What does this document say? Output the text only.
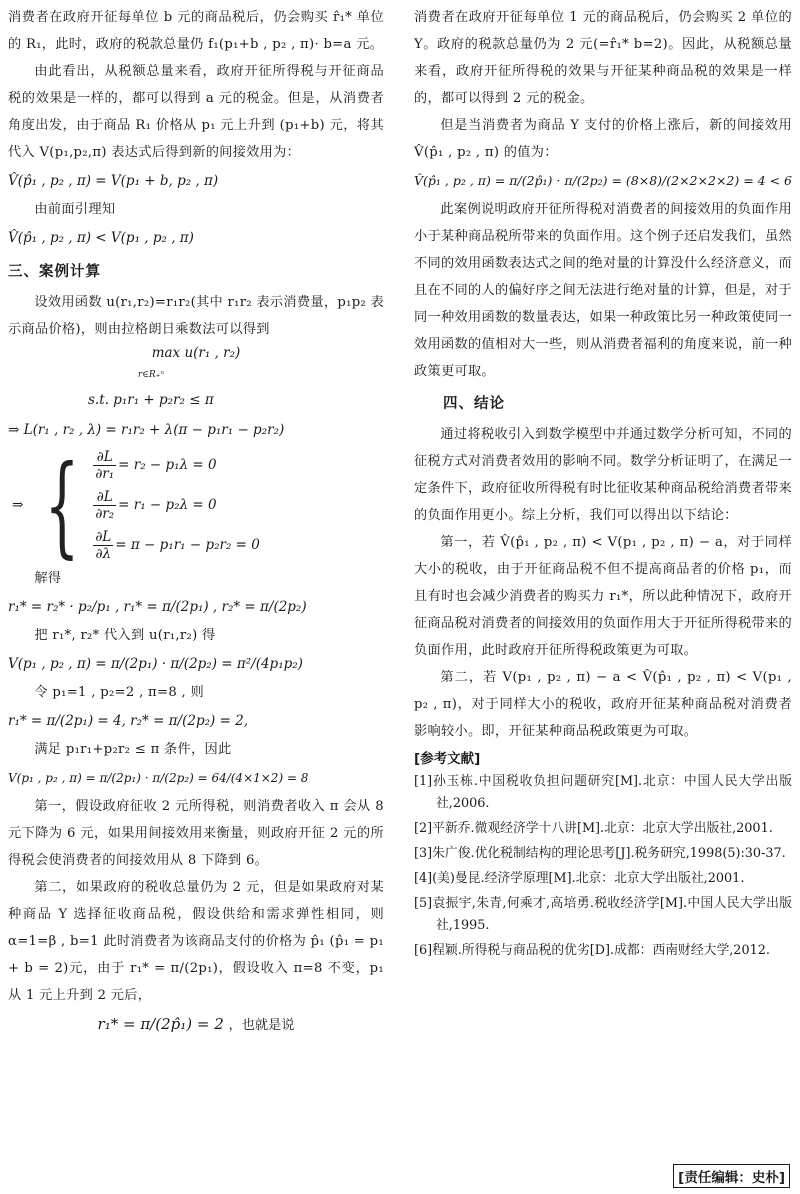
消费者在政府开征每单位 b 元的商品税后，仍会购买 r̂₁* 单位的 R₁，此时，政府的税款总量仍 f₁(p₁+b , p₂ , π)· b=a 元。

由此看出，从税额总量来看，政府开征所得税与开征商品税的效果是一样的，都可以得到 a 元的税金。但是，从消费者角度出发，由于商品 R₁ 价格从 p₁ 元上升到 (p₁+b) 元，将其代入 V(p₁,p₂,π) 表达式后得到新的间接效用为：

V̂(p̂₁ , p₂ , π) = V(p₁ + b, p₂ , π)

由前面引理知

V̂(p̂₁ , p₂ , π) < V(p₁ , p₂ , π)
三、案例计算

设效用函数 u(r₁,r₂)=r₁r₂(其中 r₁r₂ 表示消费量，p₁p₂ 表示商品价格)，则由拉格朗日乘数法可以得到

max u(r₁ , r₂)
r∈R₊ⁿ
s.t. p₁r₁ + p₂r₂ ≤ π
⇒ L(r₁ , r₂ , λ) = r₁r₂ + λ(π − p₁r₁ − p₂r₂)
⇒ { $\frac{\partial L}{\text{∂r₁}} = r_2 - p_1\lambda = 0$
$\frac{\partial L}{\text{∂r₂}} = r_1 - p_2\lambda = 0$
$\frac{\partial L}{\partial\lambda} = \pi - p_1r_1 - p_2r_2 = 0$

解得

r₁* = r₂* · p₂/p₁ , r₁* = π/(2p₁) , r₂* = π/(2p₂)

把 r₁*, r₂* 代入到 u(r₁,r₂) 得

V(p₁ , p₂ , π) = π/(2p₁) · π/(2p₂) = π²/(4p₁p₂)

令 p₁=1 , p₂=2 , π=8 , 则

r₁* = π/(2p₁) = 4, r₂* = π/(2p₂) = 2,

满足 p₁r₁+p₂r₂ ≤ π 条件，因此

V(p₁ , p₂ , π) = π/(2p₁) · π/(2p₂) = 64/(4×1×2) = 8

第一，假设政府征收 2 元所得税，则消费者收入 π 会从 8 元下降为 6 元，如果用间接效用来衡量，则政府开征 2 元的所得税会使消费者的间接效用从 8 下降到 6。

第二，如果政府的税收总量仍为 2 元，但是如果政府对某种商品 Y 选择征收商品税，假设供给和需求弹性相同，则 α=1=β , b=1 此时消费者为该商品支付的价格为 p̂₁ (p̂₁ = p₁ + b = 2)元，由于 r₁* = π/(2p₁)，假设收入 π=8 不变，p₁ 从 1 元上升到 2 元后，

r₁* = π/(2p̂₁) = 2 ，也就是说

消费者在政府开征每单位 1 元的商品税后，仍会购买 2 单位的 Y。政府的税款总量仍为 2 元(=r̂₁* b=2)。因此，从税额总量来看，政府开征所得税的效果与开征某种商品税的效果是一样的，都可以得到 2 元的税金。

但是当消费者为商品 Y 支付的价格上涨后，新的间接效用 V̂(p̂₁ , p₂ , π) 的值为：

V̂(p̂₁ , p₂ , π) = π/(2p̂₁) · π/(2p₂) = (8×8)/(2×2×2×2) = 4 < 6

此案例说明政府开征所得税对消费者的间接效用的负面作用小于某种商品税所带来的负面作用。这个例子还启发我们，虽然不同的效用函数表达式之间的绝对量的计算没什么经济意义，而且在不同的人的偏好序之间无法进行绝对量的计算，但是，对于同一种效用函数的数量表达，如果一种政策比另一种政策使同一效用函数的值相对大一些，则从消费者福利的角度来说，前一种政策更可取。

四、结论

通过将税收引入到数学模型中并通过数学分析可知，不同的征税方式对消费者效用的影响不同。数学分析证明了，在满足一定条件下，政府征收所得税有时比征收某种商品税给消费者带来的负面作用更小。综上分析，我们可以得出以下结论：

第一，若 V̂(p̂₁ , p₂ , π) < V(p₁ , p₂ , π) − a，对于同样大小的税收，由于开征商品税不但不提高商品者的价格 p₁，而且有时也会减少消费者的购买力 r₁*，所以此种情况下，政府开征商品税对消费者的间接效用的负面作用大于开征所得税带来的负面作用，此时政府开征所得税政策更为可取。

第二，若 V(p₁ , p₂ , π) − a < V̂(p̂₁ , p₂ , π) < V(p₁ , p₂ , π)，对于同样大小的税收，政府开征某种商品税对消费者影响较小。即，开征某种商品税政策更为可取。

[参考文献]

[1]孙玉栋.中国税收负担问题研究[M].北京：中国人民大学出版社,2006.

[2]平新乔.微观经济学十八讲[M].北京：北京大学出版社,2001.

[3]朱广俊.优化税制结构的理论思考[J].税务研究,1998(5):30-37.

[4](美)曼昆.经济学原理[M].北京：北京大学出版社,2001.

[5]袁振宇,朱青,何乘才,高培勇.税收经济学[M].中国人民大学出版社,1995.

[6]程颖.所得税与商品税的优劣[D].成都：西南财经大学,2012.

[责任编辑：史朴]
